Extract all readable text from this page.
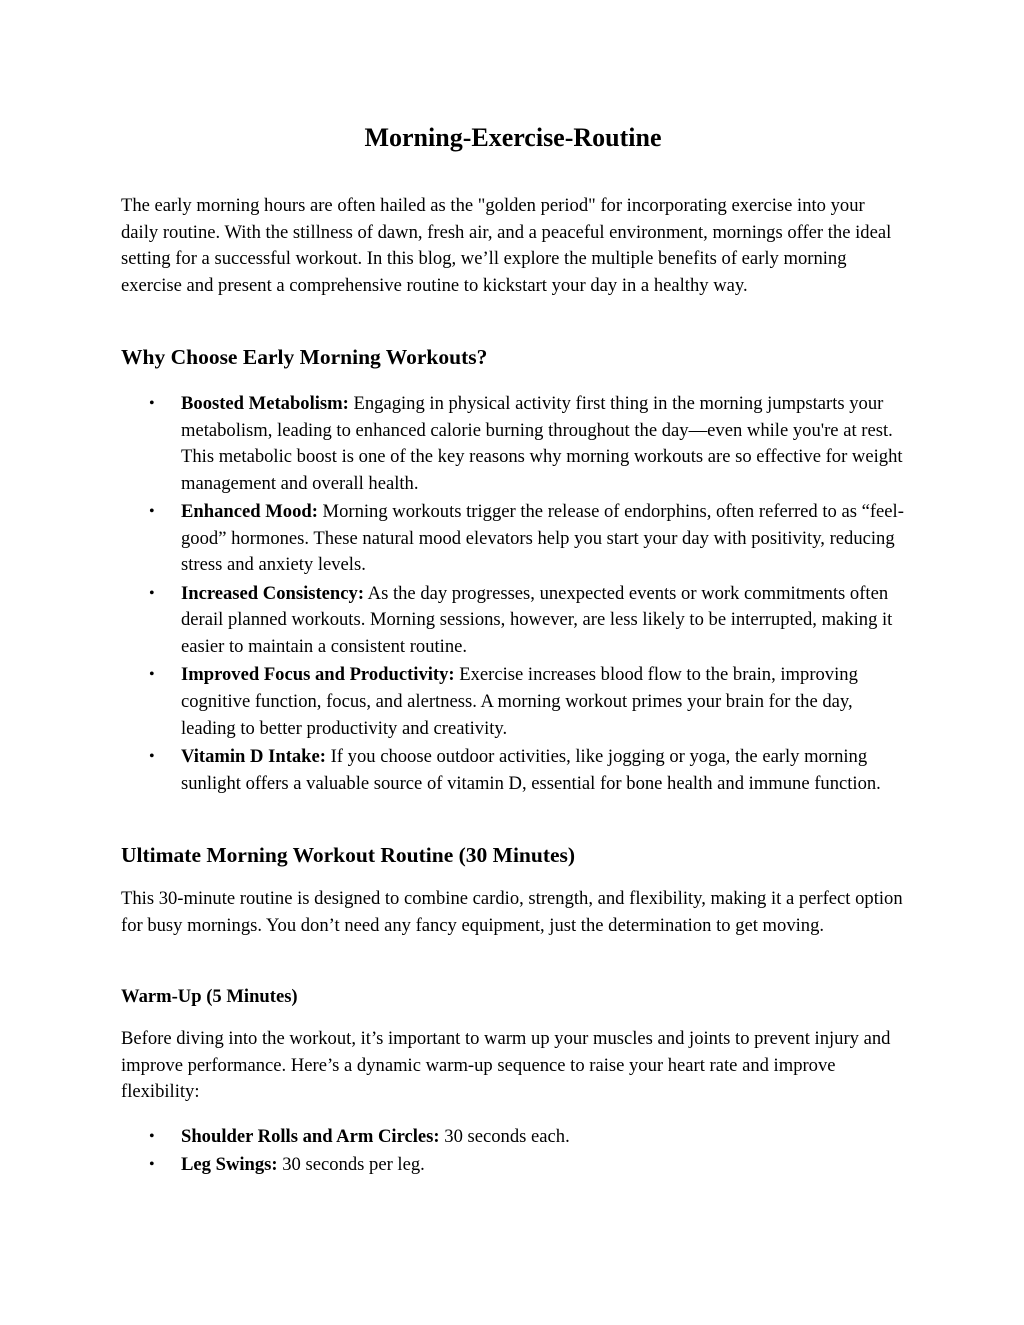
Morning-Exercise-Routine

The early morning hours are often hailed as the "golden period" for incorporating exercise into your daily routine. With the stillness of dawn, fresh air, and a peaceful environment, mornings offer the ideal setting for a successful workout. In this blog, we’ll explore the multiple benefits of early morning exercise and present a comprehensive routine to kickstart your day in a healthy way.

Why Choose Early Morning Workouts?
• Boosted Metabolism: Engaging in physical activity first thing in the morning jumpstarts your metabolism, leading to enhanced calorie burning throughout the day—even while you're at rest. This metabolic boost is one of the key reasons why morning workouts are so effective for weight management and overall health.
• Enhanced Mood: Morning workouts trigger the release of endorphins, often referred to as “feel-good” hormones. These natural mood elevators help you start your day with positivity, reducing stress and anxiety levels.
• Increased Consistency: As the day progresses, unexpected events or work commitments often derail planned workouts. Morning sessions, however, are less likely to be interrupted, making it easier to maintain a consistent routine.
• Improved Focus and Productivity: Exercise increases blood flow to the brain, improving cognitive function, focus, and alertness. A morning workout primes your brain for the day, leading to better productivity and creativity.
• Vitamin D Intake: If you choose outdoor activities, like jogging or yoga, the early morning sunlight offers a valuable source of vitamin D, essential for bone health and immune function.
Ultimate Morning Workout Routine (30 Minutes)

This 30-minute routine is designed to combine cardio, strength, and flexibility, making it a perfect option for busy mornings. You don’t need any fancy equipment, just the determination to get moving.

Warm-Up (5 Minutes)

Before diving into the workout, it’s important to warm up your muscles and joints to prevent injury and improve performance. Here’s a dynamic warm-up sequence to raise your heart rate and improve flexibility:

• Shoulder Rolls and Arm Circles: 30 seconds each.
• Leg Swings: 30 seconds per leg.
